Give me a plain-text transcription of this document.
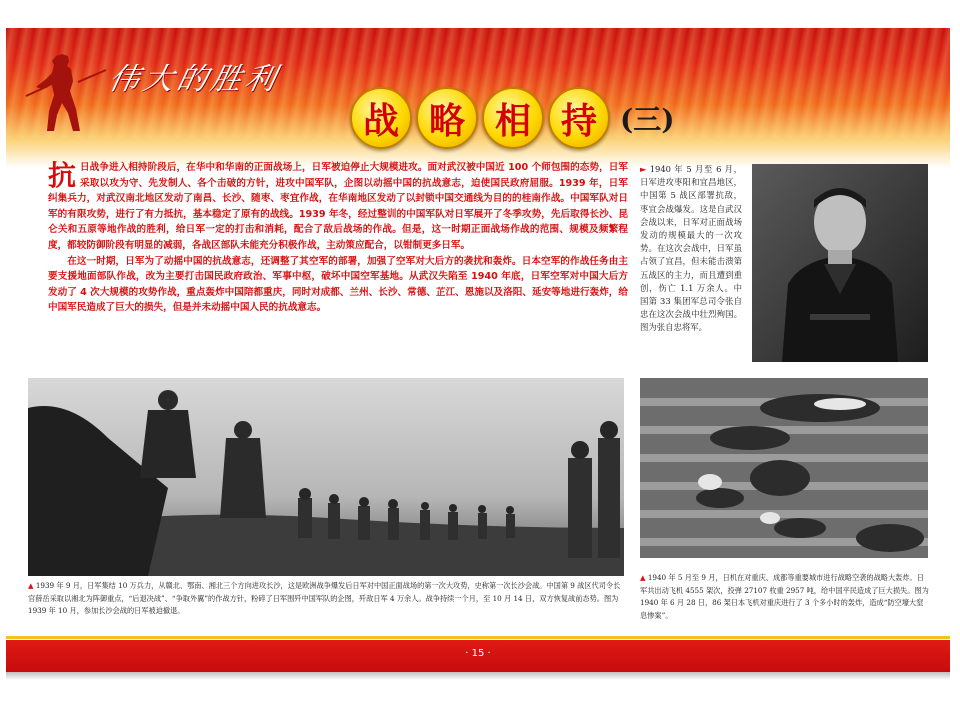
伟大的胜利
战 略 相 持 (三)

抗 日战争进入相持阶段后，在华中和华南的正面战场上，日军被迫停止大规模进攻。面对武汉被中国近 100 个师包围的态势，日军采取以攻为守、先发制人、各个击破的方针，进攻中国军队，企图以动摇中国的抗战意志，迫使国民政府屈服。1939 年，日军纠集兵力，对武汉南北地区发动了南昌、长沙、随枣、枣宜作战，在华南地区发动了以封锁中国交通线为目的的桂南作战。中国军队对日军的有限攻势，进行了有力抵抗，基本稳定了原有的战线。1939 年冬，经过整训的中国军队对日军展开了冬季攻势，先后取得长沙、昆仑关和五原等地作战的胜利，给日军一定的打击和消耗，配合了敌后战场的作战。但是，这一时期正面战场作战的范围、规模及频繁程度，都较防御阶段有明显的减弱，各战区部队未能充分积极作战，主动策应配合，以钳制更多日军。

在这一时期，日军为了动摇中国的抗战意志，还调整了其空军的部署，加强了空军对大后方的袭扰和轰炸。日本空军的作战任务由主要支援地面部队作战，改为主要打击国民政府政治、军事中枢，破坏中国空军基地。从武汉失陷至 1940 年底，日军空军对中国大后方发动了 4 次大规模的攻势作战，重点轰炸中国陪都重庆，同时对成都、兰州、长沙、常德、芷江、恩施以及洛阳、延安等地进行轰炸，给中国军民造成了巨大的损失，但是并未动摇中国人民的抗战意志。

► 1940 年 5 月至 6 月，日军进攻枣阳和宜昌地区，中国第 5 战区部署抗敌，枣宜会战爆发。这是自武汉会战以来，日军对正面战场发动的规模最大的一次攻势。在这次会战中，日军虽占领了宜昌，但未能击溃第五战区的主力，而且遭到重创，伤亡 1.1 万余人。中国第 33 集团军总司令张自忠在这次会战中壮烈殉国。图为张自忠将军。
▲ 1939 年 9 月，日军集结 10 万兵力，从赣北、鄂南、湘北三个方向进攻长沙，这是欧洲战争爆发后日军对中国正面战场的第一次大攻势，史称第一次长沙会战。中国第 9 战区代司令长官薛岳采取以湘北为阵御重点，“后退决战”、“争取外翼”的作战方针，粉碎了日军围歼中国军队的企图，歼敌日军 4 万余人。战争持续一个月，至 10 月 14 日，双方恢复战前态势。图为 1939 年 10 月，参加长沙会战的日军被迫撤退。
▲ 1940 年 5 月至 9 月，日机在对重庆、成都等重要城市进行战略空袭的战略大轰炸。日军共出动飞机 4555 架次，投弹 27107 枚重 2957 吨，给中国平民造成了巨大损失。图为 1940 年 6 月 28 日，86 架日本飞机对重庆进行了 3 个多小时的轰炸，造成“防空壕大窒息惨案”。
· 15 ·
